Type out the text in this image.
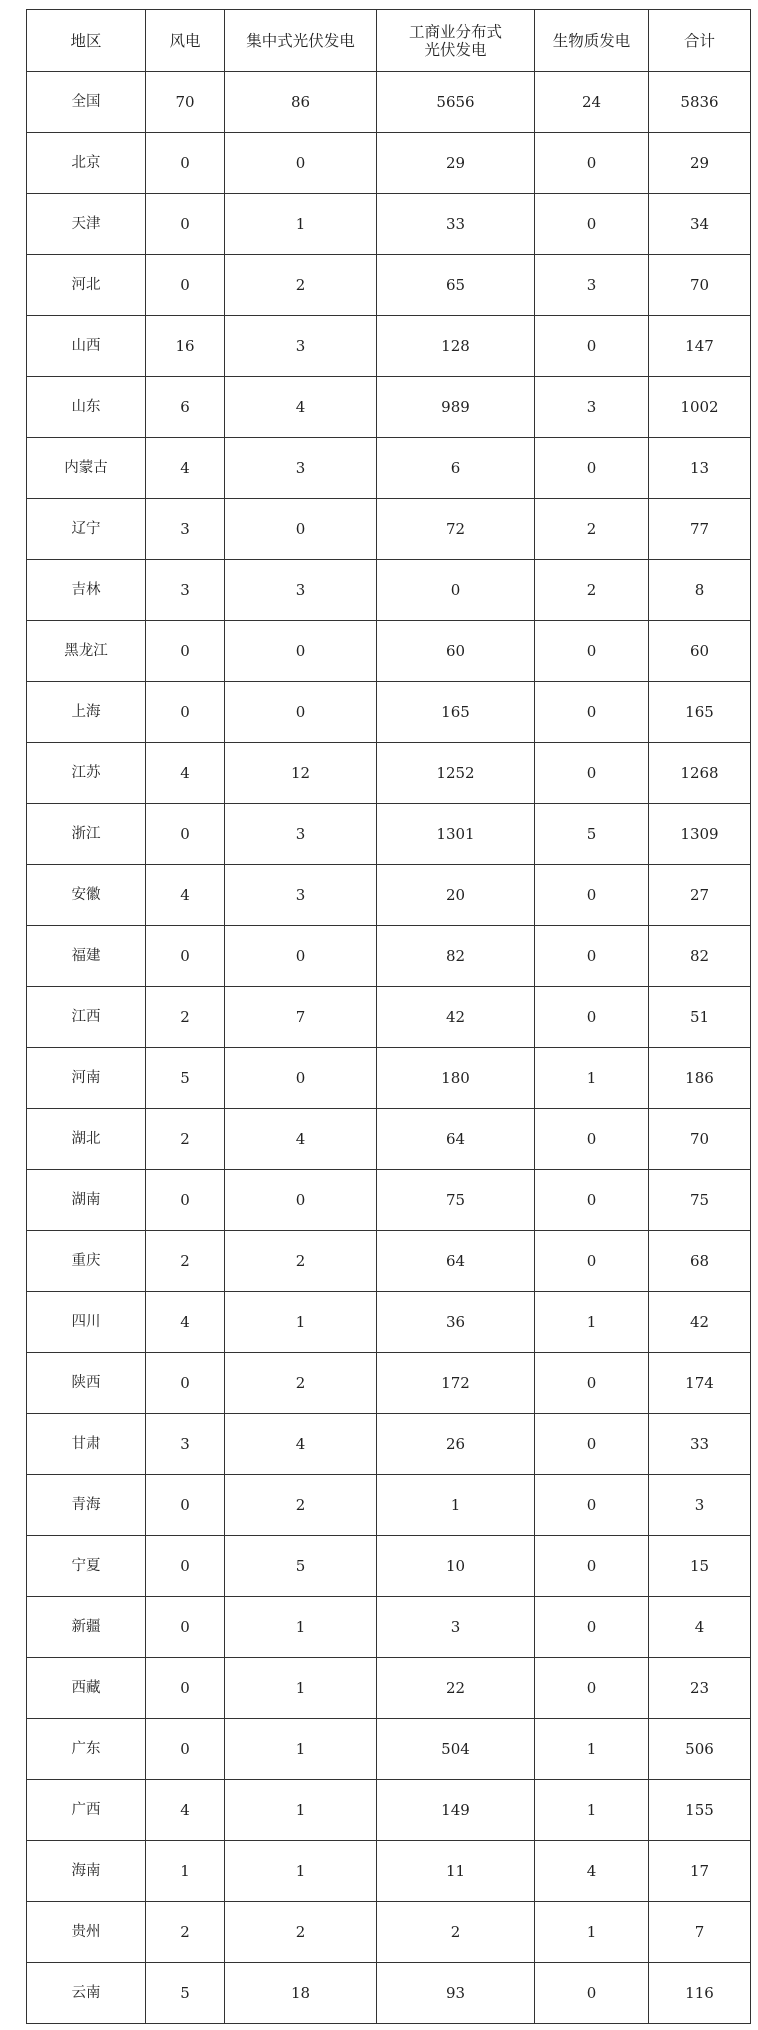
地区	风电	集中式光伏发电	工商业分布式
光伏发电	生物质发电	合计
全国	70	86	5656	24	5836
北京	0	0	29	0	29
天津	0	1	33	0	34
河北	0	2	65	3	70
山西	16	3	128	0	147
山东	6	4	989	3	1002
内蒙古	4	3	6	0	13
辽宁	3	0	72	2	77
吉林	3	3	0	2	8
黑龙江	0	0	60	0	60
上海	0	0	165	0	165
江苏	4	12	1252	0	1268
浙江	0	3	1301	5	1309
安徽	4	3	20	0	27
福建	0	0	82	0	82
江西	2	7	42	0	51
河南	5	0	180	1	186
湖北	2	4	64	0	70
湖南	0	0	75	0	75
重庆	2	2	64	0	68
四川	4	1	36	1	42
陕西	0	2	172	0	174
甘肃	3	4	26	0	33
青海	0	2	1	0	3
宁夏	0	5	10	0	15
新疆	0	1	3	0	4
西藏	0	1	22	0	23
广东	0	1	504	1	506
广西	4	1	149	1	155
海南	1	1	11	4	17
贵州	2	2	2	1	7
云南	5	18	93	0	116
